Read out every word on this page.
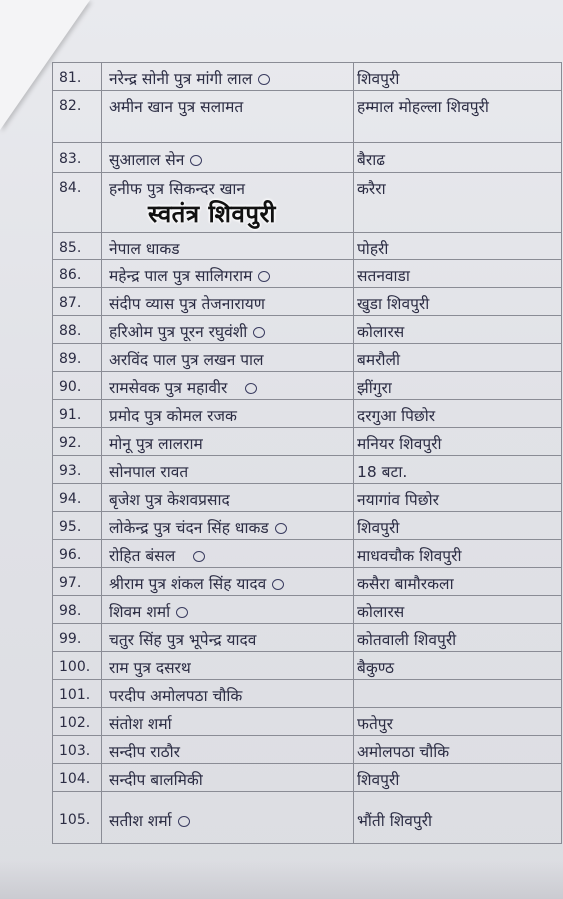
81.	नरेन्द्र सोनी पुत्र मांगी लाल	शिवपुरी
82.	अमीन खान पुत्र सलामत	हम्माल मोहल्ला शिवपुरी
83.	सुआलाल सेन	बैराढ
84.	हनीफ पुत्र सिकन्दर खान	करैरा
85.	नेपाल धाकड	पोहरी
86.	महेन्द्र पाल पुत्र सालिगराम	सतनवाडा
87.	संदीप व्यास पुत्र तेजनारायण	खुडा शिवपुरी
88.	हरिओम पुत्र पूरन रघुवंशी	कोलारस
89.	अरविंद पाल पुत्र लखन पाल	बमरौली
90.	रामसेवक पुत्र महावीर	झींगुरा
91.	प्रमोद पुत्र कोमल रजक	दरगुआ पिछोर
92.	मोनू पुत्र लालराम	मनियर शिवपुरी
93.	सोनपाल रावत	18 बटा.
94.	बृजेश पुत्र केशवप्रसाद	नयागांव पिछोर
95.	लोकेन्द्र पुत्र चंदन सिंह धाकड	शिवपुरी
96.	रोहित बंसल	माधवचौक शिवपुरी
97.	श्रीराम पुत्र शंकल सिंह यादव	कसैरा बामौरकला
98.	शिवम शर्मा	कोलारस
99.	चतुर सिंह पुत्र भूपेन्द्र यादव	कोतवाली शिवपुरी
100.	राम पुत्र दसरथ	बैकुण्ठ
101.	परदीप अमोलपठा चौकि
102.	संतोश शर्मा	फतेपुर
103.	सन्दीप राठौर	अमोलपठा चौकि
104.	सन्दीप बालमिकी	शिवपुरी
105.	सतीश शर्मा	भौंती शिवपुरी
स्वतंत्र शिवपुरी
